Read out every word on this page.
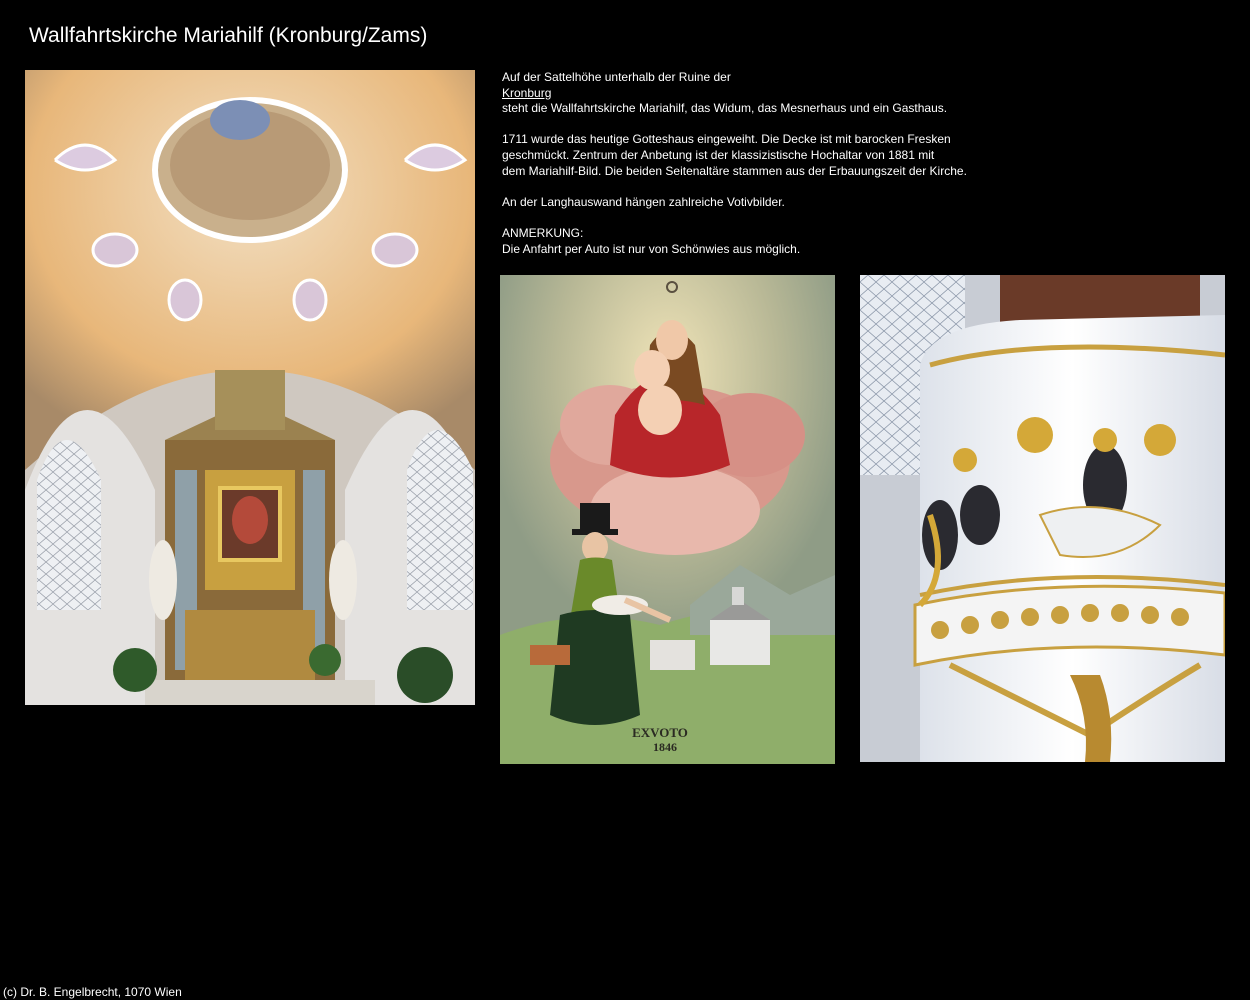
Wallfahrtskirche Mariahilf (Kronburg/Zams)

Auf der Sattelhöhe unterhalb der Ruine der
Kronburg
steht die Wallfahrtskirche Mariahilf, das Widum, das Mesnerhaus und ein Gasthaus.

1711 wurde das heutige Gotteshaus eingeweiht. Die Decke ist mit barocken Fresken
geschmückt. Zentrum der Anbetung ist der klassizistische Hochaltar von 1881 mit
dem Mariahilf-Bild. Die beiden Seitenaltäre stammen aus der Erbauungszeit der Kirche.

An der Langhauswand hängen zahlreiche Votivbilder.

ANMERKUNG:
Die Anfahrt per Auto ist nur von Schönwies aus möglich.

EXVOTO
1846
(c) Dr. B. Engelbrecht, 1070 Wien
